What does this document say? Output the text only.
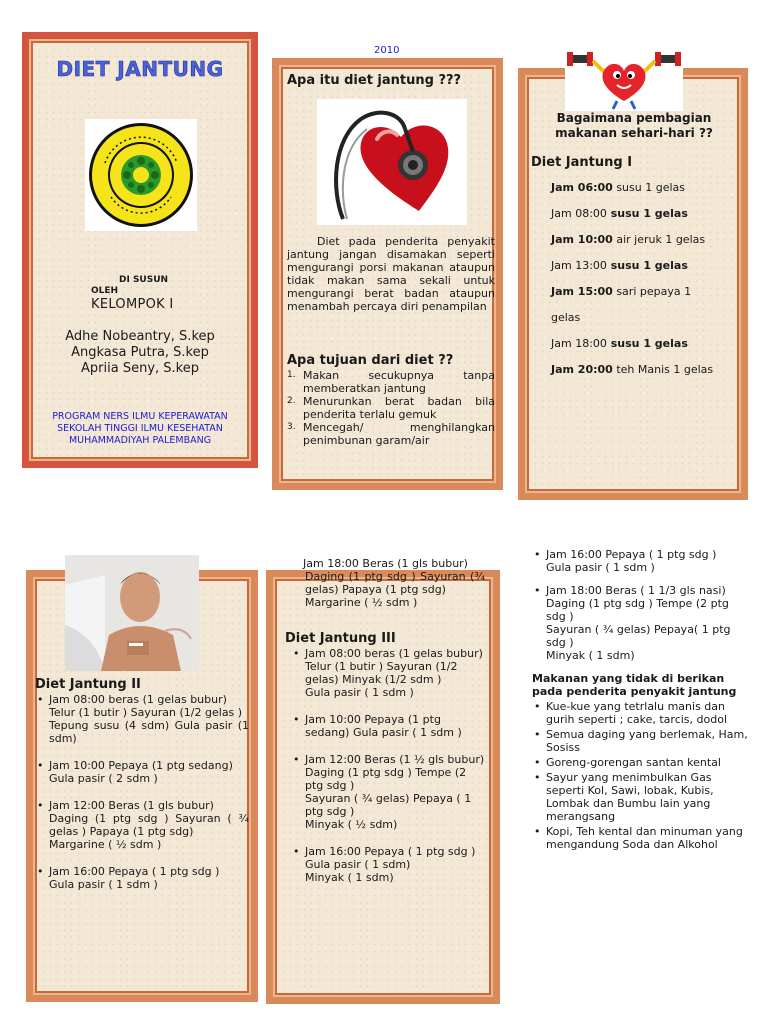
2010
DIET JANTUNG
DI SUSUN
OLEH
KELOMPOK I
Adhe Nobeantry, S.kep
Angkasa Putra, S.kep
Apriia Seny, S.kep
PROGRAM NERS ILMU KEPERAWATAN
SEKOLAH TINGGI ILMU KESEHATAN
MUHAMMADIYAH PALEMBANG
Apa itu diet jantung ???
Diet pada penderita penyakit jantung jangan disamakan seperti mengurangi porsi makanan ataupun tidak makan sama sekali untuk mengurangi berat badan ataupun menambah percaya diri penampilan
Apa tujuan dari diet ??
1. Makan secukupnya tanpa memberatkan jantung
2. Menurunkan berat badan bila penderita terlalu gemuk
3. Mencegah/ menghilangkan penimbunan garam/air
Bagaimana pembagian makanan sehari-hari ??
Diet Jantung I
Jam 06:00 susu 1 gelas
Jam 08:00 susu 1 gelas
Jam 10:00 air jeruk 1 gelas
Jam 13:00 susu 1 gelas
Jam 15:00 sari pepaya 1
gelas
Jam 18:00 susu 1 gelas
Jam 20:00 teh Manis 1 gelas
Diet Jantung II
• Jam 08:00 beras (1 gelas bubur)
Telur (1 butir ) Sayuran (1/2 gelas )
Tepung susu (4 sdm) Gula pasir (1 sdm)
• Jam 10:00 Pepaya (1 ptg sedang)
Gula pasir ( 2 sdm )
• Jam 12:00 Beras (1 gls bubur)
Daging (1 ptg sdg ) Sayuran ( ¾ gelas ) Papaya (1 ptg sdg)
Margarine ( ½ sdm )
• Jam 16:00 Pepaya ( 1 ptg sdg )
Gula pasir ( 1 sdm )
Jam 18:00 Beras (1 gls bubur)
Daging (1 ptg sdg ) Sayuran (¾ gelas) Papaya (1 ptg sdg)
Margarine ( ½ sdm )
Diet Jantung III
• Jam 08:00 beras (1 gelas bubur) Telur (1 butir ) Sayuran (1/2 gelas) Minyak (1/2 sdm )
Gula pasir ( 1 sdm )
• Jam 10:00 Pepaya (1 ptg sedang) Gula pasir ( 1 sdm )
• Jam 12:00 Beras (1 ½ gls bubur)
Daging (1 ptg sdg ) Tempe (2 ptg sdg )
Sayuran ( ¾ gelas) Pepaya ( 1 ptg sdg )
Minyak ( ½ sdm)
• Jam 16:00 Pepaya ( 1 ptg sdg )
Gula pasir ( 1 sdm)
Minyak ( 1 sdm)
• Jam 16:00 Pepaya ( 1 ptg sdg )
Gula pasir ( 1 sdm )
• Jam 18:00 Beras ( 1 1/3 gls nasi)
Daging (1 ptg sdg ) Tempe (2 ptg sdg )
Sayuran ( ¾ gelas) Pepaya( 1 ptg sdg )
Minyak ( 1 sdm)
Makanan yang tidak di berikan pada penderita penyakit jantung
• Kue-kue yang tetrlalu manis dan gurih seperti ; cake, tarcis, dodol
• Semua daging yang berlemak, Ham, Sosiss
• Goreng-gorengan santan kental
• Sayur yang menimbulkan Gas seperti Kol, Sawi, lobak, Kubis, Lombak dan Bumbu lain yang merangsang
• Kopi, Teh kental dan minuman yang mengandung Soda dan Alkohol
